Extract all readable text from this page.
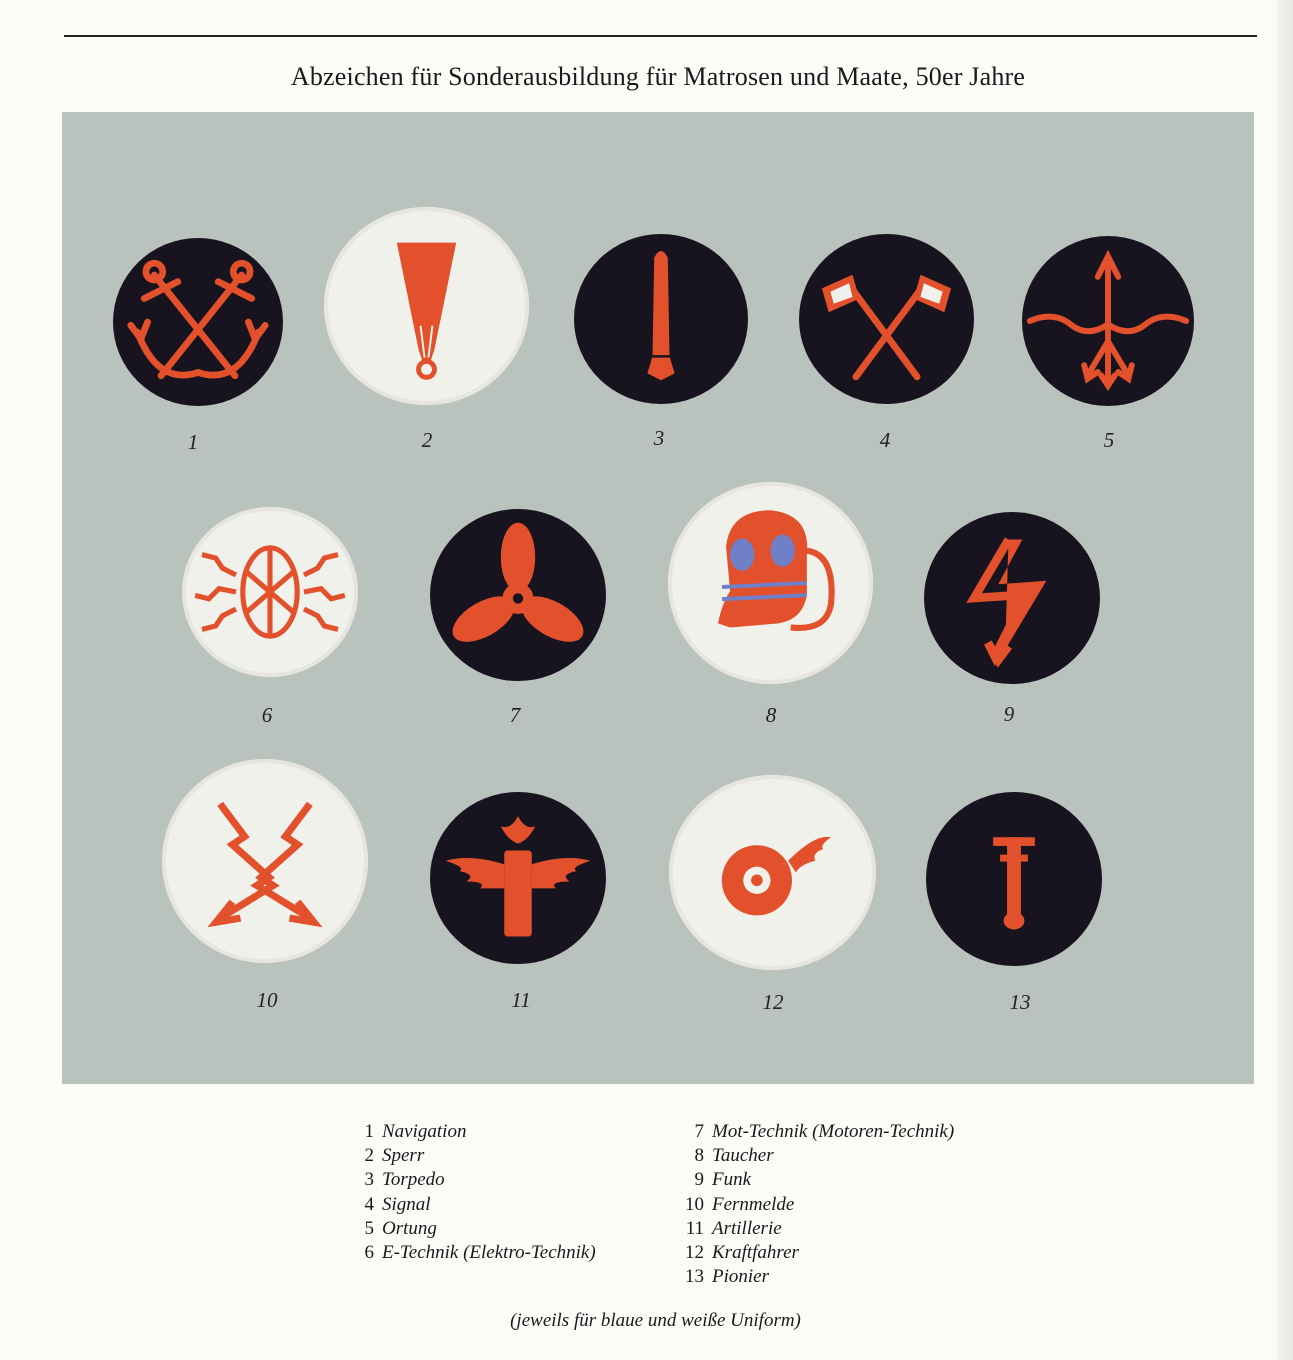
Abzeichen für Sonderausbildung für Matrosen und Maate, 50er Jahre
1	2	3	4	5
6	7	8	9
10	11	12	13
1 Navigation
2 Sperr
3 Torpedo
4 Signal
5 Ortung
6 E-Technik (Elektro-Technik)
7 Mot-Technik (Motoren-Technik)
8 Taucher
9 Funk
10 Fernmelde
11 Artillerie
12 Kraftfahrer
13 Pionier
(jeweils für blaue und weiße Uniform)
